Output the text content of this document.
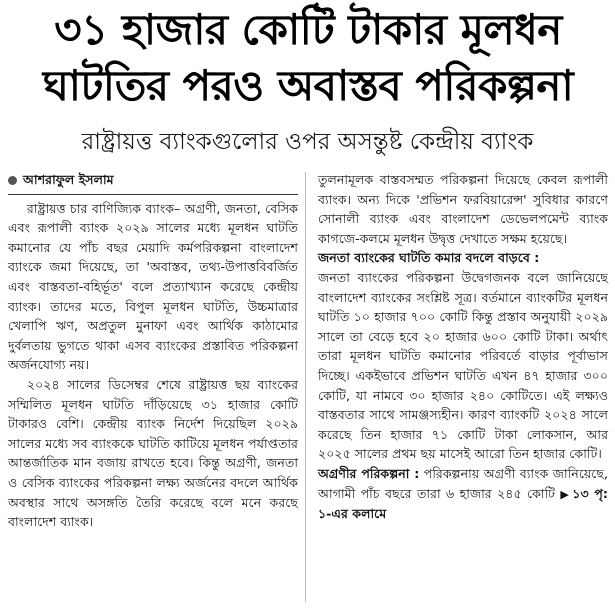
৩১ হাজার কোটি টাকার মূলধন
ঘাটতির পরও অবাস্তব পরিকল্পনা
রাষ্ট্রায়ত্ত ব্যাংকগুলোর ওপর অসন্তুষ্ট কেন্দ্রীয় ব্যাংক

আশরাফুল ইসলাম

রাষ্ট্রায়ত্ত চার বাণিজ্যিক ব্যাংক– অগ্রণী, জনতা, বেসিক এবং রূপালী ব্যাংক ২০২৯ সালের মধ্যে মূলধন ঘাটতি কমানোর যে পাঁচ বছর মেয়াদি কর্মপরিকল্পনা বাংলাদেশ ব্যাংকে জমা দিয়েছে, তা 'অবাস্তব, তথ্য-উপাত্তবিবর্জিত এবং বাস্তবতা-বহির্ভূত' বলে প্রত্যাখ্যান করেছে কেন্দ্রীয় ব্যাংক। তাদের মতে, বিপুল মূলধন ঘাটতি, উচ্চমাত্রার খেলাপি ঋণ, অপ্রতুল মুনাফা এবং আর্থিক কাঠামোর দুর্বলতায় ভুগতে থাকা এসব ব্যাংকের প্রস্তাবিত পরিকল্পনা অর্জনযোগ্য নয়।

২০২৪ সালের ডিসেম্বর শেষে রাষ্ট্রায়ত্ত ছয় ব্যাংকের সম্মিলিত মূলধন ঘাটতি দাঁড়িয়েছে ৩১ হাজার কোটি টাকারও বেশি। কেন্দ্রীয় ব্যাংক নির্দেশ দিয়েছিল ২০২৯ সালের মধ্যে সব ব্যাংককে ঘাটতি কাটিয়ে মূলধন পর্যাপ্ততার আন্তর্জাতিক মান বজায় রাখতে হবে। কিন্তু অগ্রণী, জনতা ও বেসিক ব্যাংকের পরিকল্পনা লক্ষ্য অর্জনের বদলে আর্থিক অবস্থার সাথে অসঙ্গতি তৈরি করেছে বলে মনে করছে বাংলাদেশ ব্যাংক।

তুলনামূলক বাস্তবসম্মত পরিকল্পনা দিয়েছে কেবল রূপালী ব্যাংক। অন্য দিকে 'প্রভিশন ফরবিয়ারেন্স' সুবিধার কারণে সোনালী ব্যাংক এবং বাংলাদেশ ডেভেলপমেন্ট ব্যাংক কাগজে-কলমে মূলধন উদ্বৃত্ত দেখাতে সক্ষম হয়েছে।

জনতা ব্যাংকের ঘাটতি কমার বদলে বাড়বে :

জনতা ব্যাংকের পরিকল্পনা উদ্বেগজনক বলে জানিয়েছে বাংলাদেশ ব্যাংকের সংশ্লিষ্ট সূত্র। বর্তমানে ব্যাংকটির মূলধন ঘাটতি ১০ হাজার ৭০০ কোটি কিন্তু প্রস্তাব অনুযায়ী ২০২৯ সালে তা বেড়ে হবে ২০ হাজার ৬০০ কোটি টাকা। অর্থাৎ তারা মূলধন ঘাটতি কমানোর পরিবর্তে বাড়ার পূর্বাভাস দিচ্ছে। একইভাবে প্রভিশন ঘাটতি এখন ৪৭ হাজার ৩০০ কোটি, যা নামবে ৩০ হাজার ২৪০ কোটিতে। এই লক্ষ্যও বাস্তবতার সাথে সামঞ্জস্যহীন। কারণ ব্যাংকটি ২০২৪ সালে করেছে তিন হাজার ৭১ কোটি টাকা লোকসান, আর ২০২৫ সালের প্রথম ছয় মাসেই আরো তিন হাজার কোটি।

অগ্রণীর পরিকল্পনা : পরিকল্পনায় অগ্রণী ব্যাংক জানিয়েছে, আগামী পাঁচ বছরে তারা ৬ হাজার ২৪৫ কোটি ▶ ১৩ পৃ: ১-এর কলামে
